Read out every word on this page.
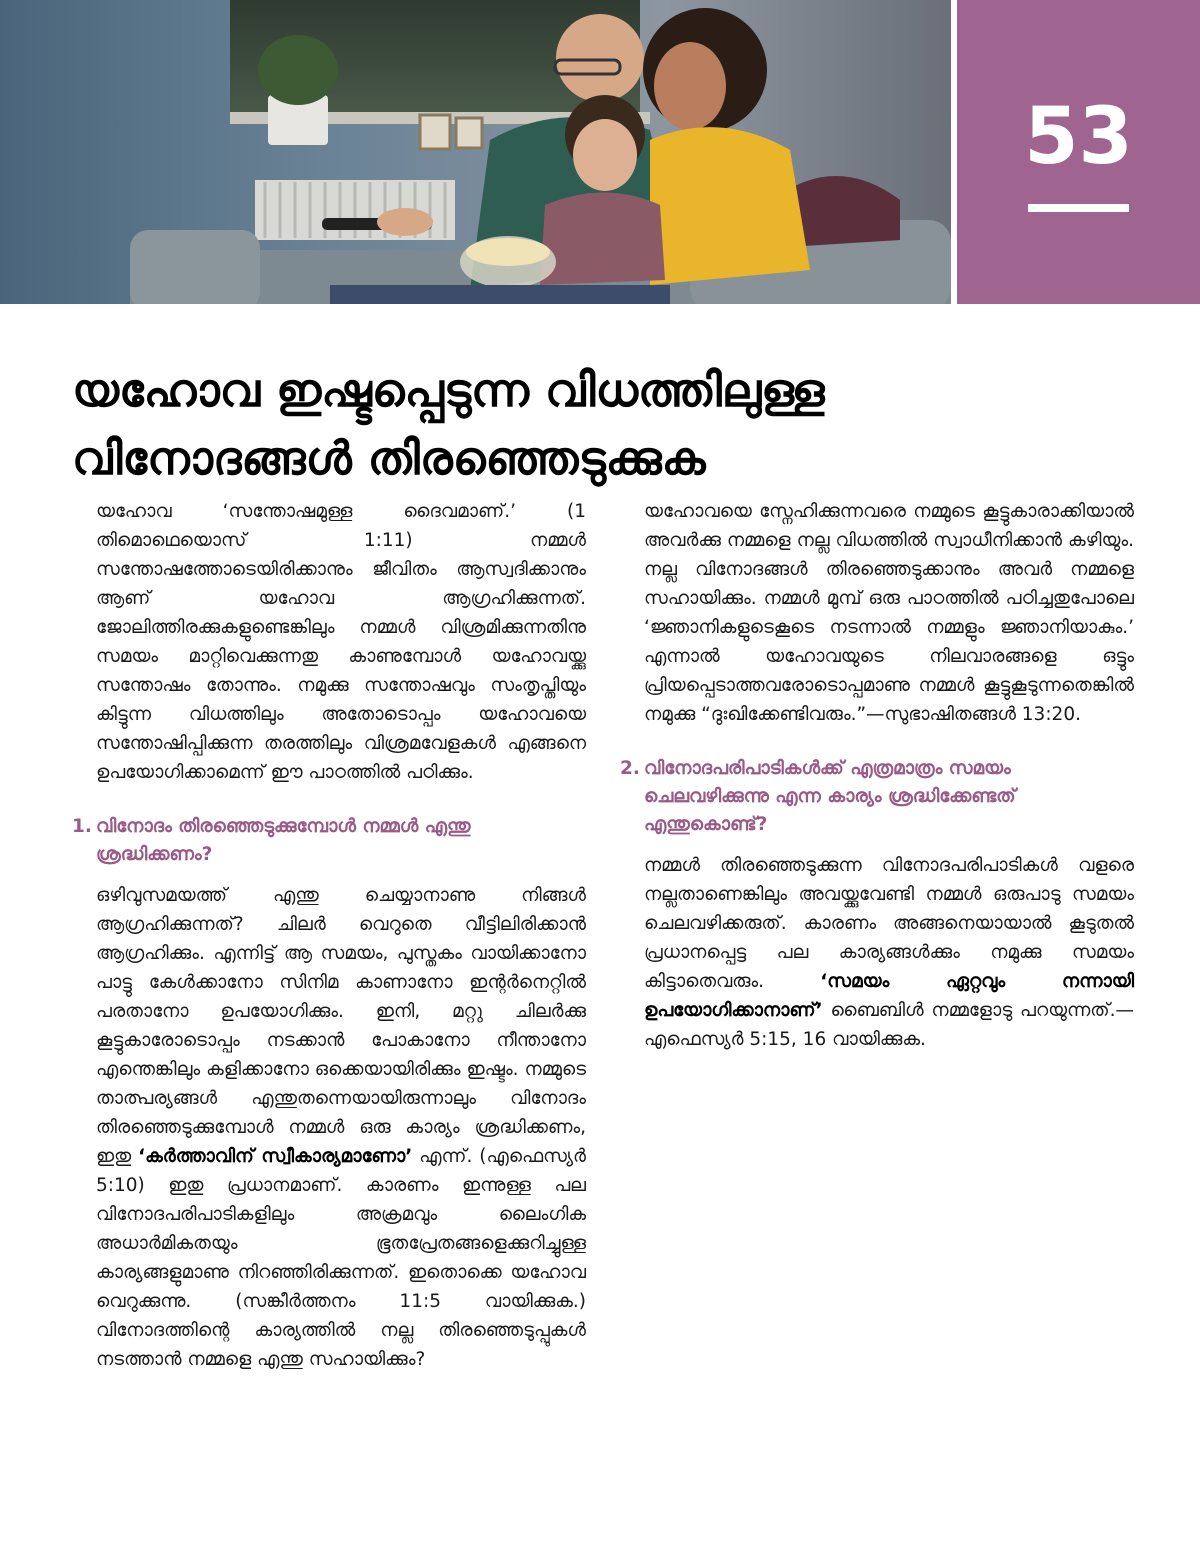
53
യഹോവ ഇഷ്ടപ്പെടുന്ന വിധത്തിലുള്ള
വിനോദങ്ങൾ തിരഞ്ഞെടുക്കുക

യഹോവ ‘സന്തോഷമുള്ള ദൈവമാണ്.’ (1 തിമൊഥെയൊസ് 1:11) നമ്മൾ സന്തോഷത്തോടെയിരിക്കാനും ജീവിതം ആസ്വദിക്കാനും ആണ് യഹോവ ആഗ്രഹിക്കുന്നത്. ജോലിത്തിരക്കുകളുണ്ടെങ്കിലും നമ്മൾ വിശ്രമിക്കുന്നതിനു സമയം മാറ്റിവെക്കുന്നതു കാണുമ്പോൾ യഹോവയ്ക്കു സന്തോഷം തോന്നും. നമുക്കു സന്തോഷവും സംതൃപ്തിയും കിട്ടുന്ന വിധത്തിലും അതോടൊപ്പം യഹോവയെ സന്തോഷിപ്പിക്കുന്ന തരത്തിലും വിശ്രമവേളകൾ എങ്ങനെ ഉപയോഗിക്കാമെന്ന് ഈ പാഠത്തിൽ പഠിക്കും.

1. വിനോദം തിരഞ്ഞെടുക്കുമ്പോൾ നമ്മൾ എന്തു ശ്രദ്ധിക്കണം?

ഒഴിവുസമയത്ത് എന്തു ചെയ്യാനാണു നിങ്ങൾ ആഗ്രഹിക്കുന്നത്? ചിലർ വെറുതെ വീട്ടിലിരിക്കാൻ ആഗ്രഹിക്കും. എന്നിട്ട് ആ സമയം, പുസ്തകം വായിക്കാനോ പാട്ടു കേൾക്കാനോ സിനിമ കാണാനോ ഇന്റർനെറ്റിൽ പരതാനോ ഉപയോഗിക്കും. ഇനി, മറ്റു ചിലർക്കു കൂട്ടുകാരോടൊപ്പം നടക്കാൻ പോകാനോ നീന്താനോ എന്തെങ്കിലും കളിക്കാനോ ഒക്കെയായിരിക്കും ഇഷ്ടം. നമ്മുടെ താത്പര്യങ്ങൾ എന്തുതന്നെയായിരുന്നാലും വിനോദം തിരഞ്ഞെടുക്കുമ്പോൾ നമ്മൾ ഒരു കാര്യം ശ്രദ്ധിക്കണം, ഇതു ‘കർത്താവിന് സ്വീകാര്യമാണോ’ എന്ന്. (എഫെസ്യർ 5:10) ഇതു പ്രധാനമാണ്. കാരണം ഇന്നുള്ള പല വിനോദപരിപാടികളിലും അക്രമവും ലൈംഗിക അധാർമികതയും ഭൂതപ്രേതങ്ങളെക്കുറിച്ചുള്ള കാര്യങ്ങളുമാണു നിറഞ്ഞിരിക്കുന്നത്. ഇതൊക്കെ യഹോവ വെറുക്കുന്നു. (സങ്കീർത്തനം 11:5 വായിക്കുക.) വിനോദത്തിന്റെ കാര്യത്തിൽ നല്ല തിരഞ്ഞെടുപ്പുകൾ നടത്താൻ നമ്മളെ എന്തു സഹായിക്കും?

യഹോവയെ സ്നേഹിക്കുന്നവരെ നമ്മുടെ കൂട്ടുകാരാക്കിയാൽ അവർക്കു നമ്മളെ നല്ല വിധത്തിൽ സ്വാധീനിക്കാൻ കഴിയും. നല്ല വിനോദങ്ങൾ തിരഞ്ഞെടുക്കാനും അവർ നമ്മളെ സഹായിക്കും. നമ്മൾ മുമ്പ് ഒരു പാഠത്തിൽ പഠിച്ചതുപോലെ ‘ജ്ഞാനികളുടെകൂടെ നടന്നാൽ നമ്മളും ജ്ഞാനിയാകും.’ എന്നാൽ യഹോവയുടെ നിലവാരങ്ങളെ ഒട്ടും പ്രിയപ്പെടാത്തവരോടൊപ്പമാണു നമ്മൾ കൂട്ടുകൂടുന്നതെങ്കിൽ നമുക്കു “ദുഃഖിക്കേണ്ടിവരും.”—സുഭാഷിതങ്ങൾ 13:20.

2. വിനോദപരിപാടികൾക്ക് എത്രമാത്രം സമയം ചെലവഴിക്കുന്നു എന്ന കാര്യം ശ്രദ്ധിക്കേണ്ടത് എന്തുകൊണ്ട്?

നമ്മൾ തിരഞ്ഞെടുക്കുന്ന വിനോദപരിപാടികൾ വളരെ നല്ലതാണെങ്കിലും അവയ്ക്കുവേണ്ടി നമ്മൾ ഒരുപാടു സമയം ചെലവഴിക്കരുത്. കാരണം അങ്ങനെയായാൽ കൂടുതൽ പ്രധാനപ്പെട്ട പല കാര്യങ്ങൾക്കും നമുക്കു സമയം കിട്ടാതെവരും. ‘സമയം ഏറ്റവും നന്നായി ഉപയോഗിക്കാനാണ്’ ബൈബിൾ നമ്മളോടു പറയുന്നത്.—എഫെസ്യർ 5:15, 16 വായിക്കുക.
